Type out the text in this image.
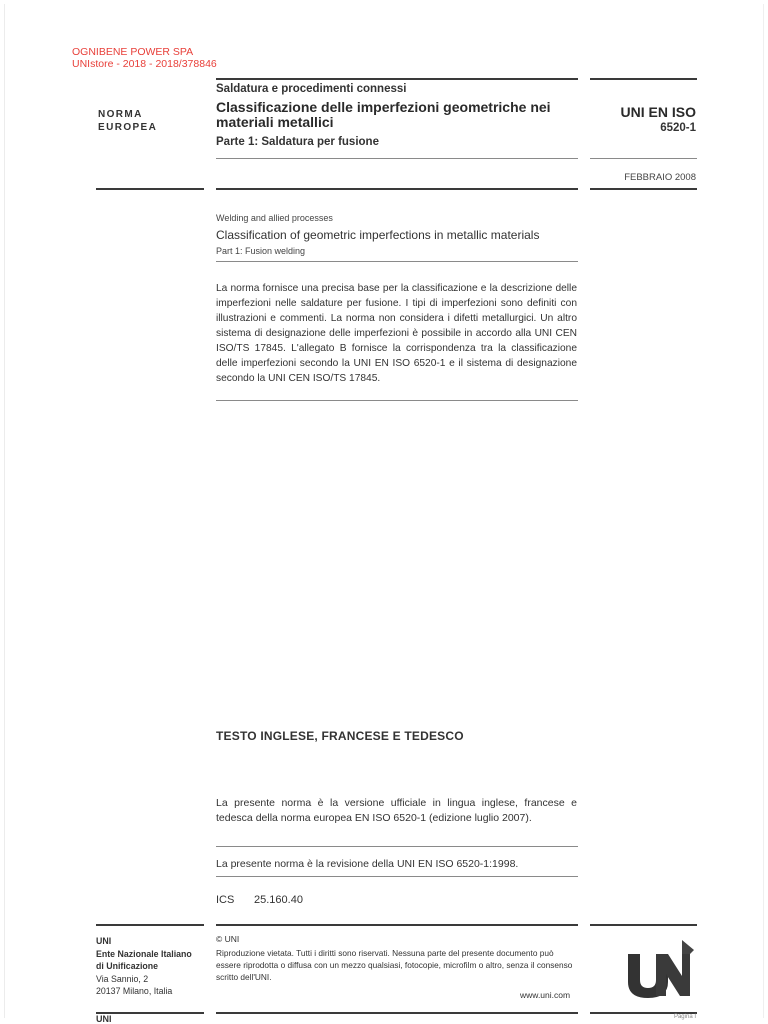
OGNIBENE POWER SPA
UNIstore - 2018 - 2018/378846
NORMA
EUROPEA
Saldatura e procedimenti connessi
Classificazione delle imperfezioni geometriche nei materiali metallici
Parte 1: Saldatura per fusione
UNI EN ISO
6520-1
FEBBRAIO 2008
Welding and allied processes
Classification of geometric imperfections in metallic materials
Part 1: Fusion welding
La norma fornisce una precisa base per la classificazione e la descrizione delle imperfezioni nelle saldature per fusione. I tipi di imperfezioni sono definiti con illustrazioni e commenti. La norma non considera i difetti metallurgici. Un altro sistema di designazione delle imperfezioni è possibile in accordo alla UNI CEN ISO/TS 17845. L'allegato B fornisce la corrispondenza tra la classificazione delle imperfezioni secondo la UNI EN ISO 6520-1 e il sistema di designazione secondo la UNI CEN ISO/TS 17845.
TESTO INGLESE, FRANCESE E TEDESCO
La presente norma è la versione ufficiale in lingua inglese, francese e tedesca della norma europea EN ISO 6520-1 (edizione luglio 2007).
La presente norma è la revisione della UNI EN ISO 6520-1:1998.
ICS 25.160.40
UNI
Ente Nazionale Italiano
di Unificazione
Via Sannio, 2
20137 Milano, Italia
© UNI
Riproduzione vietata. Tutti i diritti sono riservati. Nessuna parte del presente documento può essere riprodotta o diffusa con un mezzo qualsiasi, fotocopie, microfilm o altro, senza il consenso scritto dell'UNI.
www.uni.com
UNI	Pagina I
